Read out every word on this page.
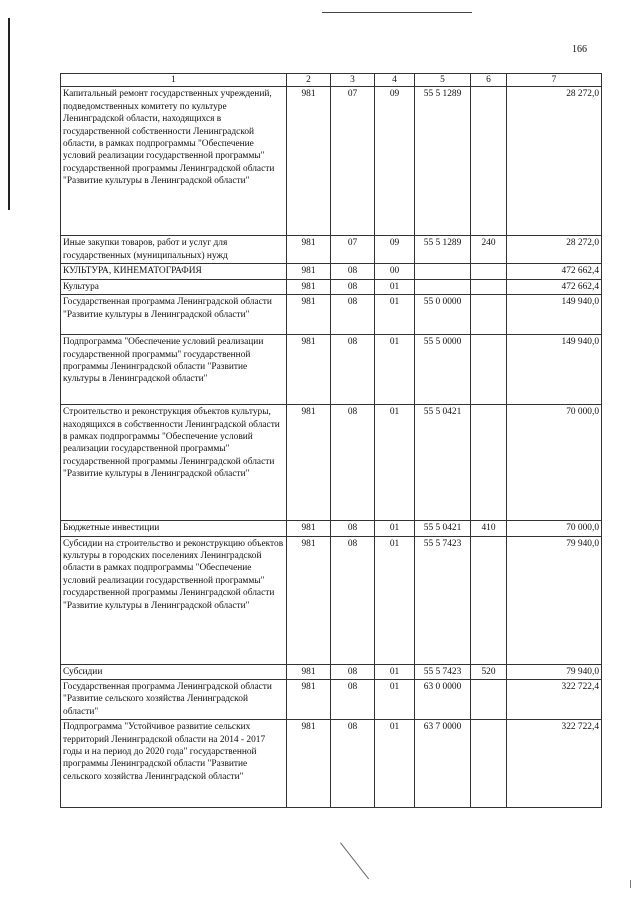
166
1	2	3	4	5	6	7
Капитальный ремонт государственных учреждений, подведомственных комитету по культуре Ленинградской области, находящихся в государственной собственности Ленинградской области, в рамках подпрограммы "Обеспечение условий реализации государственной программы" государственной программы Ленинградской области "Развитие культуры в Ленинградской области"	981	07	09	55 5 1289		28 272,0
Иные закупки товаров, работ и услуг для государственных (муниципальных) нужд	981	07	09	55 5 1289	240	28 272,0
КУЛЬТУРА, КИНЕМАТОГРАФИЯ	981	08	00			472 662,4
Культура	981	08	01			472 662,4
Государственная программа Ленинградской области "Развитие культуры в Ленинградской области"	981	08	01	55 0 0000		149 940,0
Подпрограмма "Обеспечение условий реализации государственной программы" государственной программы Ленинградской области "Развитие культуры в Ленинградской области"	981	08	01	55 5 0000		149 940,0
Строительство и реконструкция объектов культуры, находящихся в собственности Ленинградской области в рамках подпрограммы "Обеспечение условий реализации государственной программы" государственной программы Ленинградской области "Развитие культуры в Ленинградской области"	981	08	01	55 5 0421		70 000,0
Бюджетные инвестиции	981	08	01	55 5 0421	410	70 000,0
Субсидии на строительство и реконструкцию объектов культуры в городских поселениях Ленинградской области в рамках подпрограммы "Обеспечение условий реализации государственной программы" государственной программы Ленинградской области "Развитие культуры в Ленинградской области"	981	08	01	55 5 7423		79 940,0
Субсидии	981	08	01	55 5 7423	520	79 940,0
Государственная программа Ленинградской области "Развитие сельского хозяйства Ленинградской области"	981	08	01	63 0 0000		322 722,4
Подпрограмма "Устойчивое развитие сельских территорий Ленинградской области на 2014 - 2017 годы и на период до 2020 года" государственной программы Ленинградской области "Развитие сельского хозяйства Ленинградской области"	981	08	01	63 7 0000		322 722,4
